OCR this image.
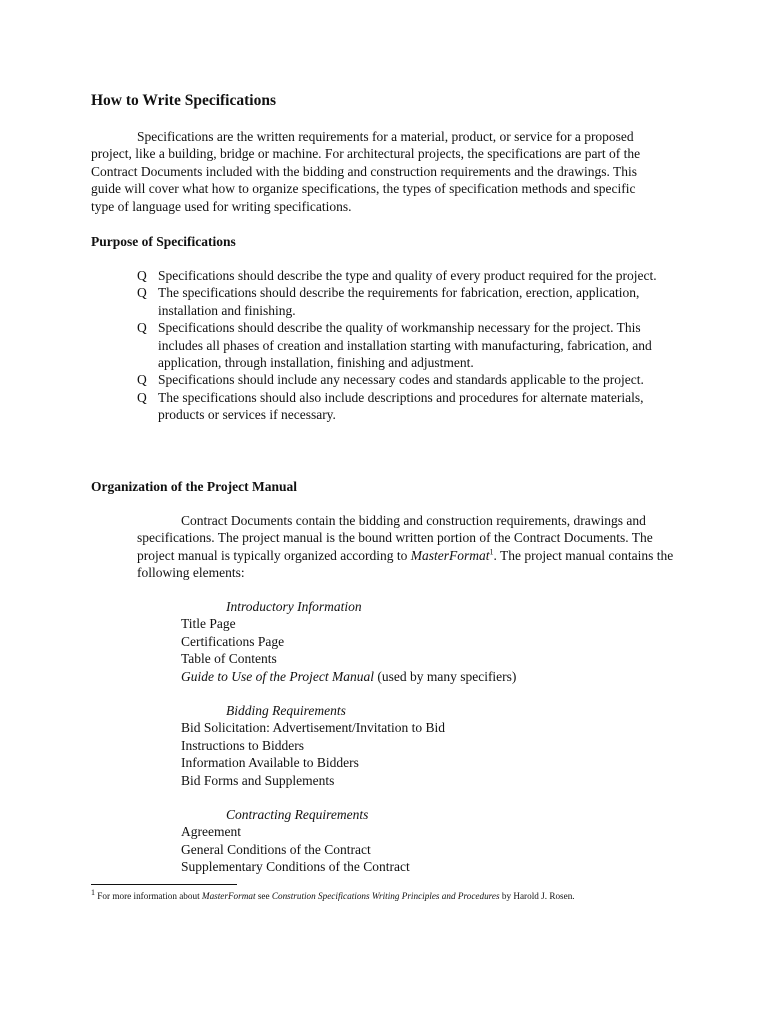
How to Write Specifications

Specifications are the written requirements for a material, product, or service for a proposed project, like a building, bridge or machine. For architectural projects, the specifications are part of the Contract Documents included with the bidding and construction requirements and the drawings. This guide will cover what how to organize specifications, the types of specification methods and specific type of language used for writing specifications.

Purpose of Specifications
Q Specifications should describe the type and quality of every product required for the project.
Q The specifications should describe the requirements for fabrication, erection, application, installation and finishing.
Q Specifications should describe the quality of workmanship necessary for the project. This includes all phases of creation and installation starting with manufacturing, fabrication, and application, through installation, finishing and adjustment.
Q Specifications should include any necessary codes and standards applicable to the project.
Q The specifications should also include descriptions and procedures for alternate materials, products or services if necessary.
Organization of the Project Manual

Contract Documents contain the bidding and construction requirements, drawings and specifications. The project manual is the bound written portion of the Contract Documents. The project manual is typically organized according to MasterFormat$^1$. The project manual contains the following elements:

Introductory Information

Title Page

Certifications Page

Table of Contents

Guide to Use of the Project Manual (used by many specifiers)

Bidding Requirements

Bid Solicitation: Advertisement/Invitation to Bid

Instructions to Bidders

Information Available to Bidders

Bid Forms and Supplements

Contracting Requirements

Agreement

General Conditions of the Contract

Supplementary Conditions of the Contract

$^1$ For more information about MasterFormat see Constrution Specifications Writing Principles and Procedures by Harold J. Rosen.
